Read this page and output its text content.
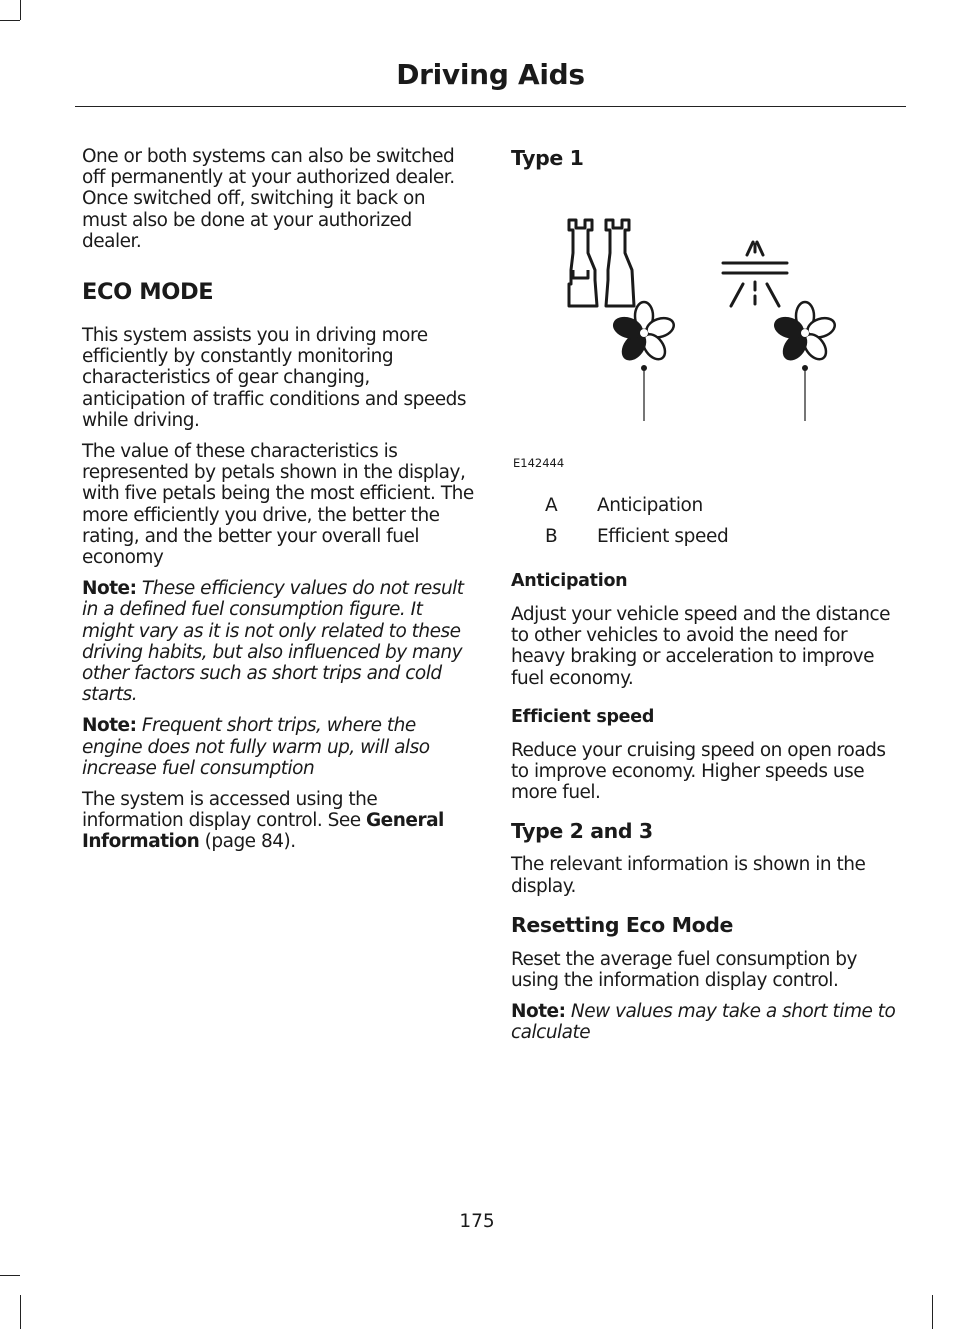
Driving Aids

One or both systems can also be switched off permanently at your authorized dealer. Once switched off, switching it back on must also be done at your authorized dealer.

ECO MODE

This system assists you in driving more efficiently by constantly monitoring characteristics of gear changing, anticipation of traffic conditions and speeds while driving.

The value of these characteristics is represented by petals shown in the display, with five petals being the most efficient. The more efficiently you drive, the better the rating, and the better your overall fuel economy

Note: These efficiency values do not result in a defined fuel consumption figure. It might vary as it is not only related to these driving habits, but also influenced by many other factors such as short trips and cold starts.

Note: Frequent short trips, where the engine does not fully warm up, will also increase fuel consumption

The system is accessed using the information display control. See General Information (page 84).

Type 1
E142444
A	Anticipation
B	Efficient speed
Anticipation

Adjust your vehicle speed and the distance to other vehicles to avoid the need for heavy braking or acceleration to improve fuel economy.

Efficient speed

Reduce your cruising speed on open roads to improve economy. Higher speeds use more fuel.

Type 2 and 3

The relevant information is shown in the display.

Resetting Eco Mode

Reset the average fuel consumption by using the information display control.

Note: New values may take a short time to calculate

175
